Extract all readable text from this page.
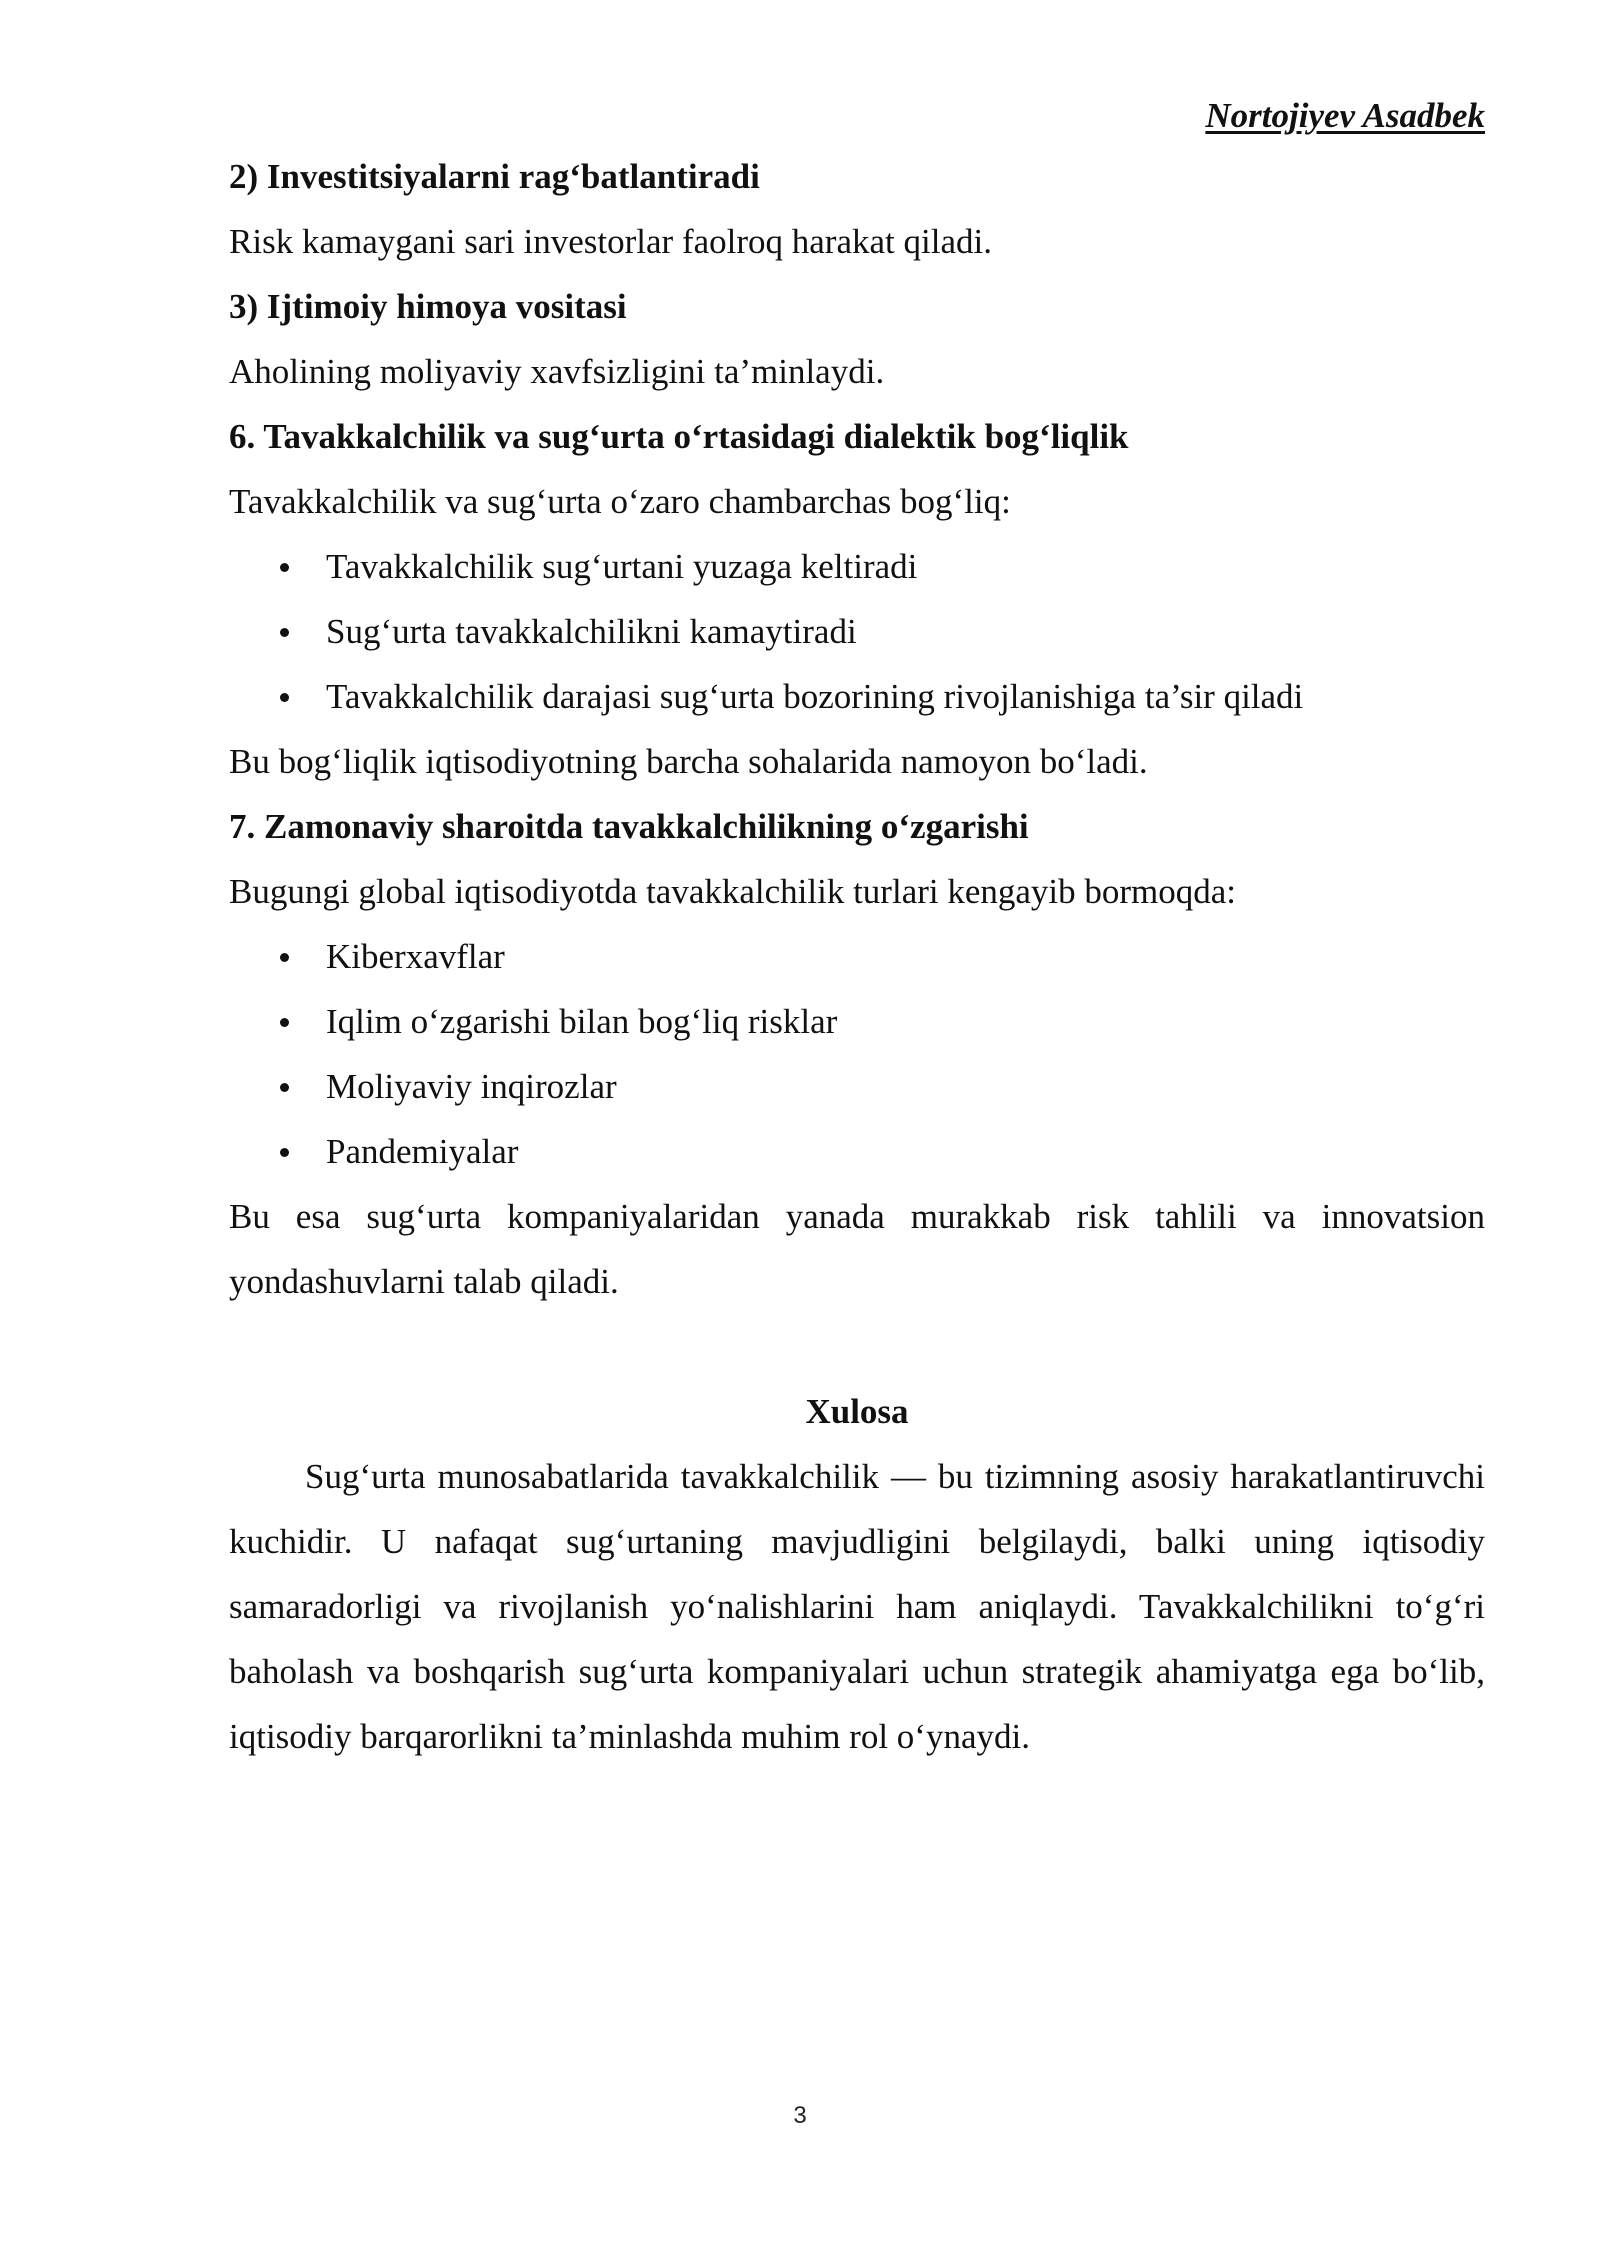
Nortojiyev Asadbek

2) Investitsiyalarni rag‘batlantiradi

Risk kamaygani sari investorlar faolroq harakat qiladi.

3) Ijtimoiy himoya vositasi

Aholining moliyaviy xavfsizligini ta’minlaydi.

6. Tavakkalchilik va sug‘urta o‘rtasidagi dialektik bog‘liqlik

Tavakkalchilik va sug‘urta o‘zaro chambarchas bog‘liq:

Tavakkalchilik sug‘urtani yuzaga keltiradi
Sug‘urta tavakkalchilikni kamaytiradi
Tavakkalchilik darajasi sug‘urta bozorining rivojlanishiga ta’sir qiladi

Bu bog‘liqlik iqtisodiyotning barcha sohalarida namoyon bo‘ladi.

7. Zamonaviy sharoitda tavakkalchilikning o‘zgarishi

Bugungi global iqtisodiyotda tavakkalchilik turlari kengayib bormoqda:

Kiberxavflar
Iqlim o‘zgarishi bilan bog‘liq risklar
Moliyaviy inqirozlar
Pandemiyalar

Bu esa sug‘urta kompaniyalaridan yanada murakkab risk tahlili va innovatsion yondashuvlarni talab qiladi.

Xulosa

Sug‘urta munosabatlarida tavakkalchilik — bu tizimning asosiy harakatlantiruvchi kuchidir. U nafaqat sug‘urtaning mavjudligini belgilaydi, balki uning iqtisodiy samaradorligi va rivojlanish yo‘nalishlarini ham aniqlaydi. Tavakkalchilikni to‘g‘ri baholash va boshqarish sug‘urta kompaniyalari uchun strategik ahamiyatga ega bo‘lib, iqtisodiy barqarorlikni ta’minlashda muhim rol o‘ynaydi.

3
